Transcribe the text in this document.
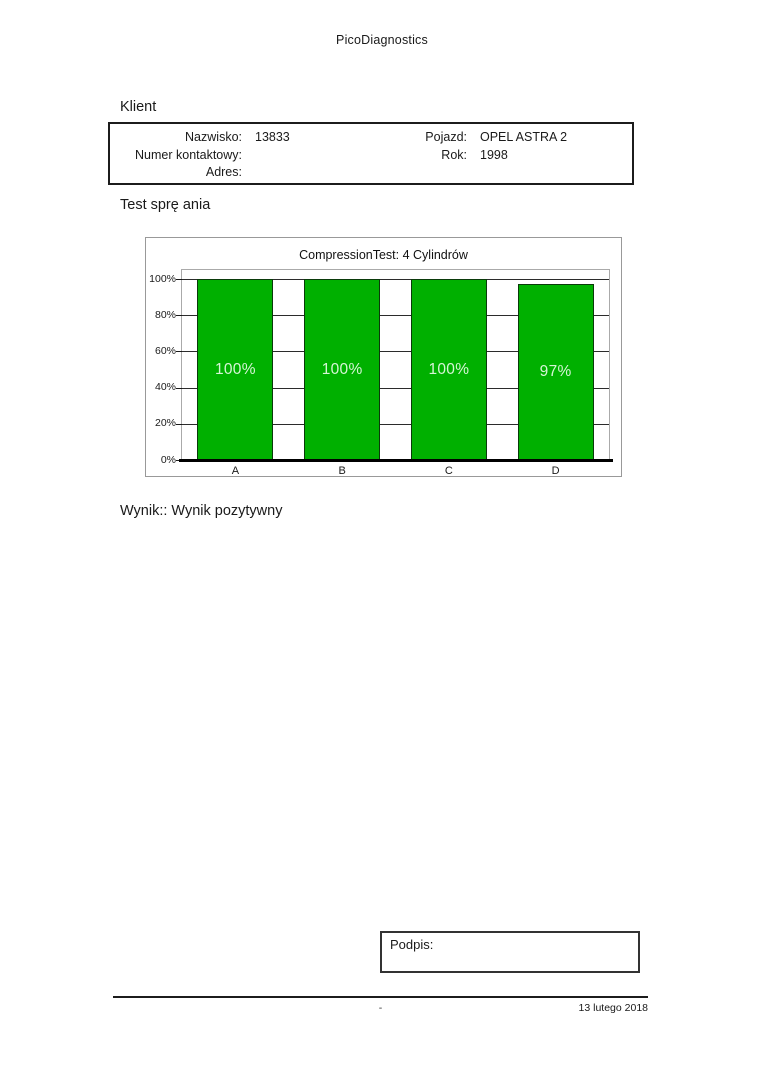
PicoDiagnostics
Klient
Nazwisko:	13833
Numer kontaktowy:
Adres:
Pojazd:	OPEL ASTRA 2
Rok:	1998
Test sprę ania
CompressionTest: 4 Cylindrów
0%
20%
40%
60%
80%
100%
100%
A
100%
B
100%
C
97%
D
Wynik:: Wynik pozytywny
Podpis:
-	13 lutego 2018
